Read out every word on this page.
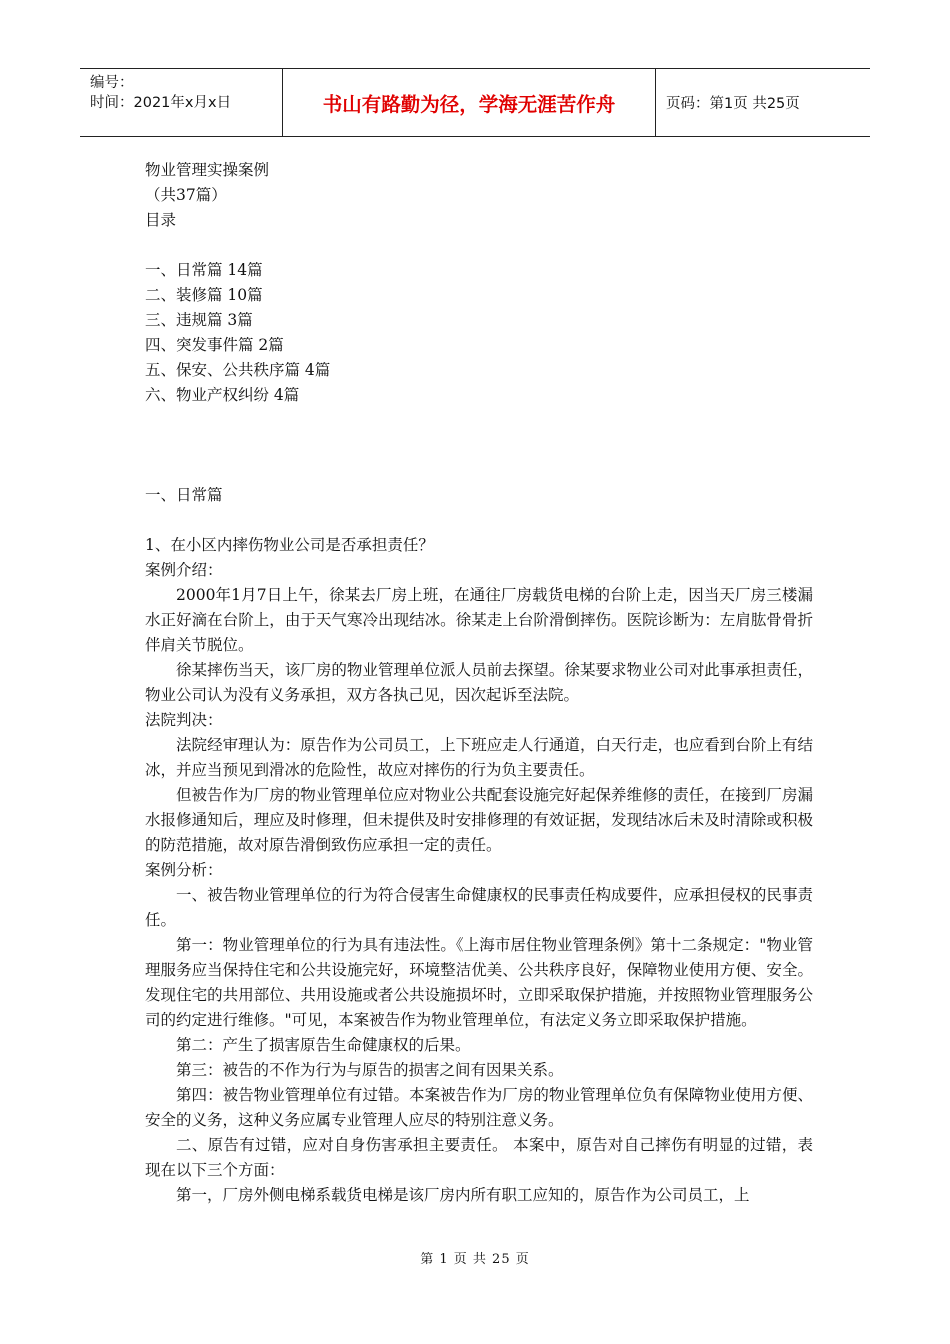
编号：
时间：2021年x月x日	书山有路勤为径，学海无涯苦作舟	页码：第1页 共25页

物业管理实操案例

（共37篇）

目录

一、日常篇 14篇

二、装修篇 10篇

三、违规篇 3篇

四、突发事件篇 2篇

五、保安、公共秩序篇 4篇

六、物业产权纠纷 4篇

一、日常篇

1、在小区内摔伤物业公司是否承担责任？

案例介绍：

2000年1月7日上午，徐某去厂房上班，在通往厂房载货电梯的台阶上走，因当天厂房三楼漏水正好滴在台阶上，由于天气寒冷出现结冰。徐某走上台阶滑倒摔伤。医院诊断为：左肩肱骨骨折伴肩关节脱位。

徐某摔伤当天，该厂房的物业管理单位派人员前去探望。徐某要求物业公司对此事承担责任，物业公司认为没有义务承担，双方各执己见，因次起诉至法院。

法院判决：

法院经审理认为：原告作为公司员工，上下班应走人行通道，白天行走，也应看到台阶上有结冰，并应当预见到滑冰的危险性，故应对摔伤的行为负主要责任。

但被告作为厂房的物业管理单位应对物业公共配套设施完好起保养维修的责任，在接到厂房漏水报修通知后，理应及时修理，但未提供及时安排修理的有效证据，发现结冰后未及时清除或积极的防范措施，故对原告滑倒致伤应承担一定的责任。

案例分析：

一、被告物业管理单位的行为符合侵害生命健康权的民事责任构成要件，应承担侵权的民事责任。

第一：物业管理单位的行为具有违法性。《上海市居住物业管理条例》第十二条规定："物业管理服务应当保持住宅和公共设施完好，环境整洁优美、公共秩序良好，保障物业使用方便、安全。发现住宅的共用部位、共用设施或者公共设施损坏时，立即采取保护措施，并按照物业管理服务公司的约定进行维修。"可见，本案被告作为物业管理单位，有法定义务立即采取保护措施。

第二：产生了损害原告生命健康权的后果。

第三：被告的不作为行为与原告的损害之间有因果关系。

第四：被告物业管理单位有过错。本案被告作为厂房的物业管理单位负有保障物业使用方便、安全的义务，这种义务应属专业管理人应尽的特别注意义务。

二、原告有过错，应对自身伤害承担主要责任。 本案中，原告对自己摔伤有明显的过错，表现在以下三个方面：

第一，厂房外侧电梯系载货电梯是该厂房内所有职工应知的，原告作为公司员工，上

第 1 页 共 25 页
